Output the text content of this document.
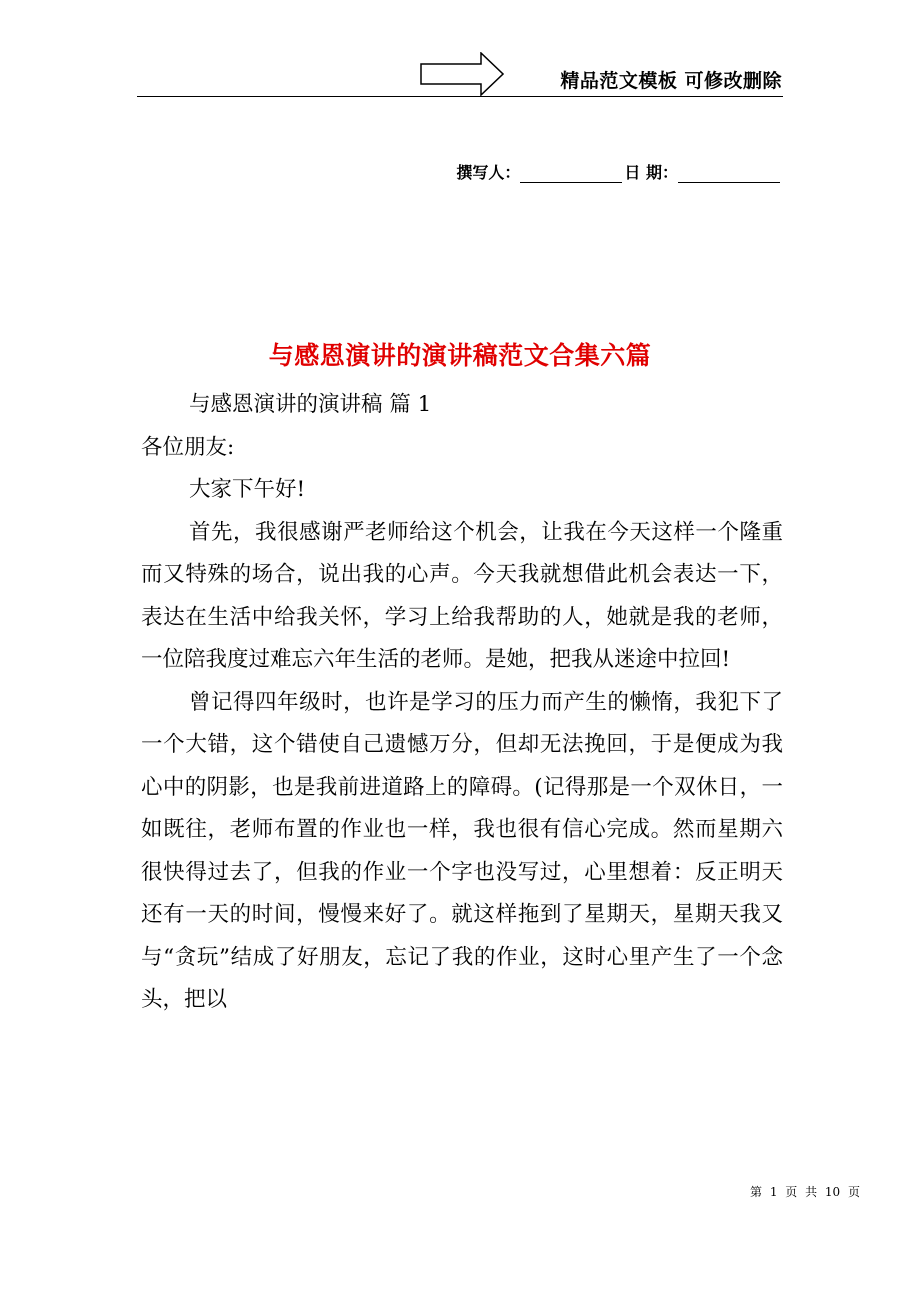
精品范文模板 可修改删除
撰写人：	日 期：
与感恩演讲的演讲稿范文合集六篇

与感恩演讲的演讲稿 篇 1

各位朋友:

大家下午好!

首先，我很感谢严老师给这个机会，让我在今天这样一个隆重而又特殊的场合，说出我的心声。今天我就想借此机会表达一下，表达在生活中给我关怀，学习上给我帮助的人，她就是我的老师，一位陪我度过难忘六年生活的老师。是她，把我从迷途中拉回!

曾记得四年级时，也许是学习的压力而产生的懒惰，我犯下了一个大错，这个错使自己遗憾万分，但却无法挽回，于是便成为我心中的阴影，也是我前进道路上的障碍。(记得那是一个双休日，一如既往，老师布置的作业也一样，我也很有信心完成。然而星期六很快得过去了，但我的作业一个字也没写过，心里想着：反正明天还有一天的时间，慢慢来好了。就这样拖到了星期天，星期天我又与“贪玩”结成了好朋友，忘记了我的作业，这时心里产生了一个念头，把以

第 1 页 共 10 页
